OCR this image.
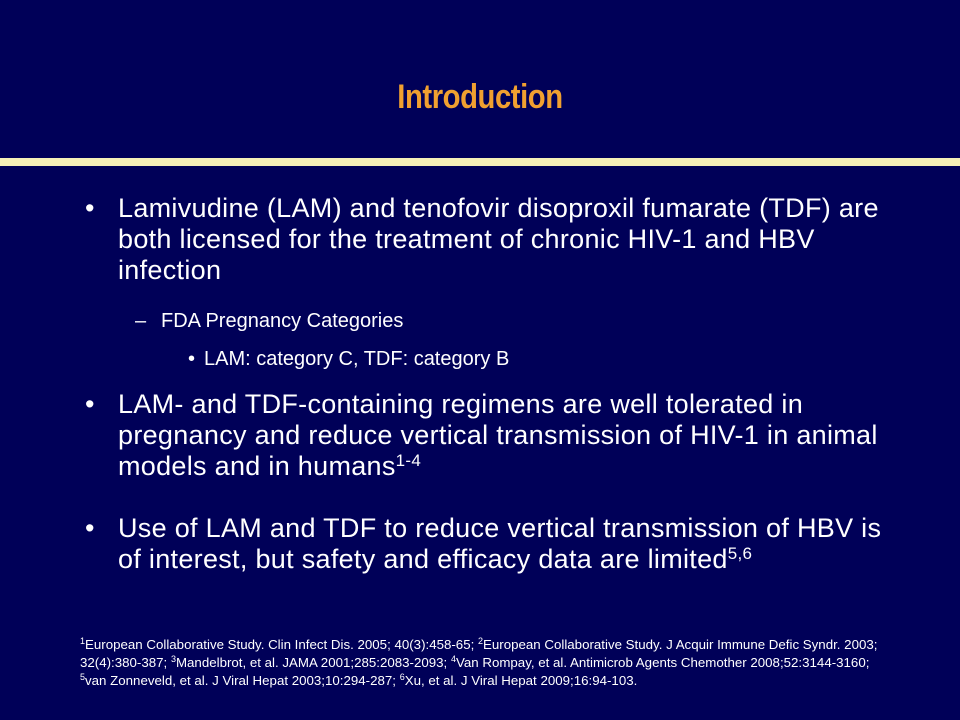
Introduction
• Lamivudine (LAM) and tenofovir disoproxil fumarate (TDF) are both licensed for the treatment of chronic HIV-1 and HBV infection
– FDA Pregnancy Categories
• LAM: category C, TDF: category B
• LAM- and TDF-containing regimens are well tolerated in pregnancy and reduce vertical transmission of HIV-1 in animal models and in humans$^{1-4}$
• Use of LAM and TDF to reduce vertical transmission of HBV is of interest, but safety and efficacy data are limited$^{5,6}$
$^1$European Collaborative Study. Clin Infect Dis. 2005; 40(3):458-65; $^2$European Collaborative Study. J Acquir Immune Defic Syndr. 2003; 32(4):380-387; $^3$Mandelbrot, et al. JAMA 2001;285:2083-2093; $^4$Van Rompay, et al. Antimicrob Agents Chemother 2008;52:3144-3160; $^5$van Zonneveld, et al. J Viral Hepat 2003;10:294-287; $^6$Xu, et al. J Viral Hepat 2009;16:94-103.
